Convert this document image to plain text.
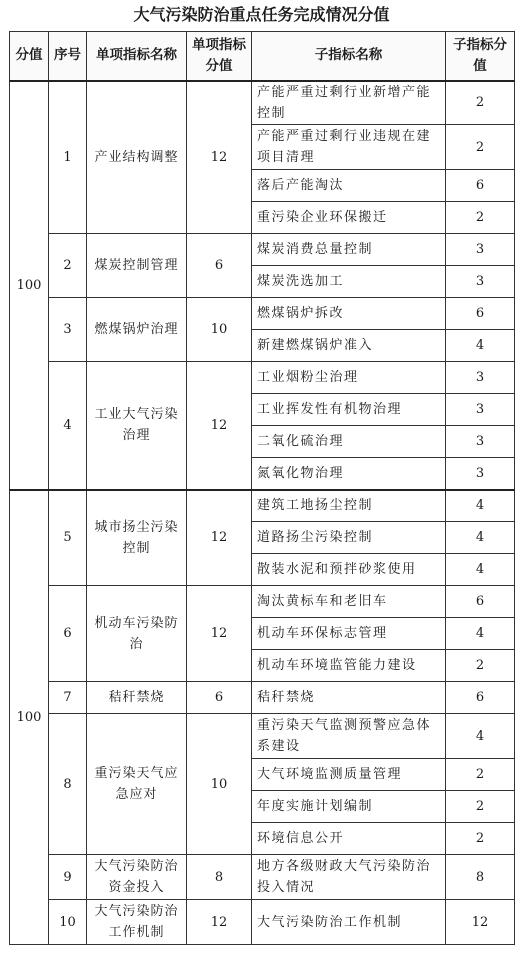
大气污染防治重点任务完成情况分值
分值	序号	单项指标名称	单项指标分值	子指标名称	子指标分值
100	1	产业结构调整	12	产能严重过剩行业新增产能控制	2
				产能严重过剩行业违规在建项目清理	2
				落后产能淘汰	6
				重污染企业环保搬迁	2
	2	煤炭控制管理	6	煤炭消费总量控制	3
				煤炭洗选加工	3
	3	燃煤锅炉治理	10	燃煤锅炉拆改	6
				新建燃煤锅炉准入	4
	4	工业大气污染治理	12	工业烟粉尘治理	3
				工业挥发性有机物治理	3
				二氧化硫治理	3
				氮氧化物治理	3
100	5	城市扬尘污染控制	12	建筑工地扬尘控制	4
				道路扬尘污染控制	4
				散装水泥和预拌砂浆使用	4
	6	机动车污染防治	12	淘汰黄标车和老旧车	6
				机动车环保标志管理	4
				机动车环境监管能力建设	2
	7	秸秆禁烧	6	秸秆禁烧	6
	8	重污染天气应急应对	10	重污染天气监测预警应急体系建设	4
				大气环境监测质量管理	2
				年度实施计划编制	2
				环境信息公开	2
	9	大气污染防治资金投入	8	地方各级财政大气污染防治投入情况	8
	10	大气污染防治工作机制	12	大气污染防治工作机制	12
